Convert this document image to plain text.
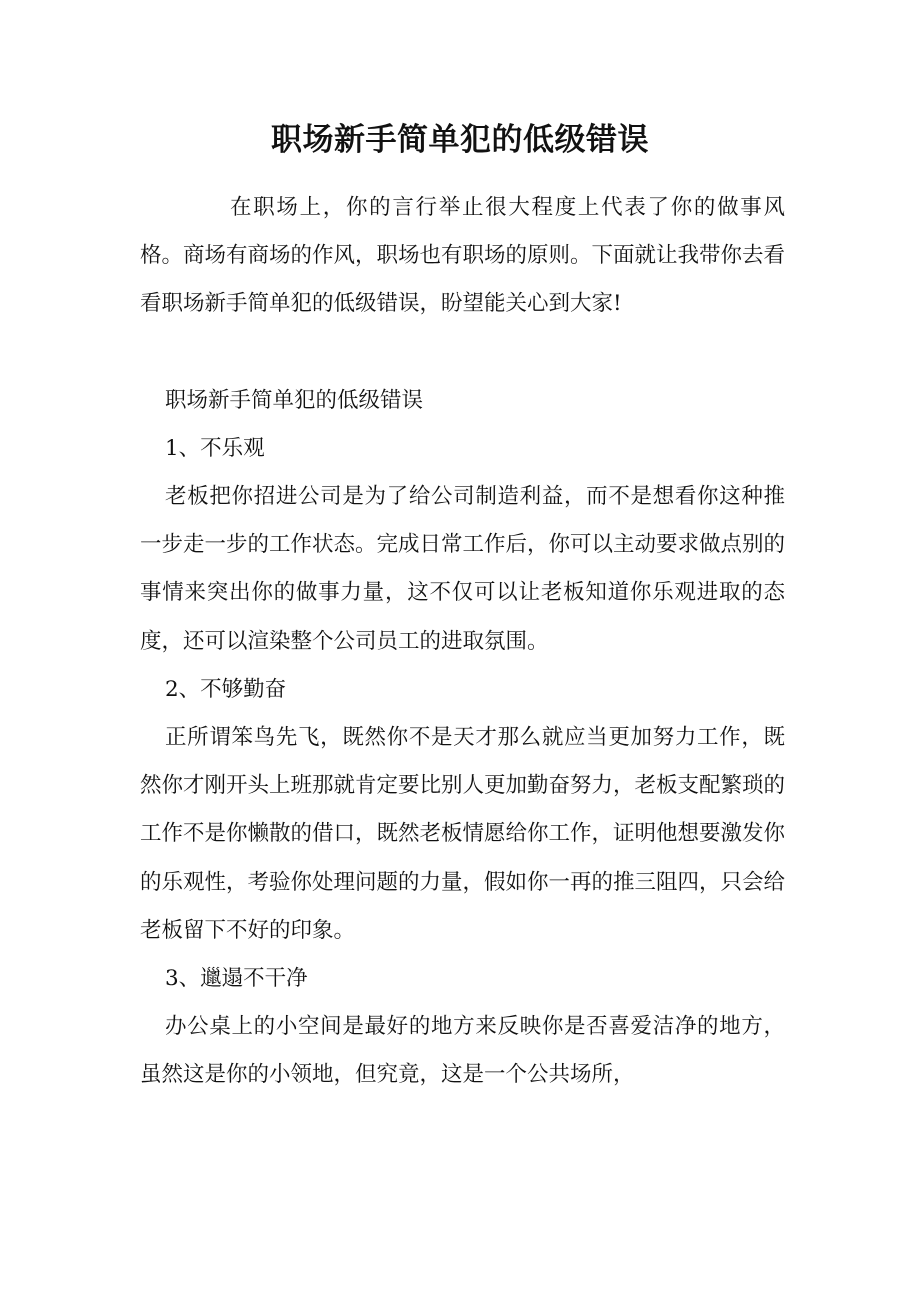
职场新手简单犯的低级错误

在职场上，你的言行举止很大程度上代表了你的做事风格。商场有商场的作风，职场也有职场的原则。下面就让我带你去看看职场新手简单犯的低级错误，盼望能关心到大家!

职场新手简单犯的低级错误

1、不乐观

老板把你招进公司是为了给公司制造利益，而不是想看你这种推一步走一步的工作状态。完成日常工作后，你可以主动要求做点别的事情来突出你的做事力量，这不仅可以让老板知道你乐观进取的态度，还可以渲染整个公司员工的进取氛围。

2、不够勤奋

正所谓笨鸟先飞，既然你不是天才那么就应当更加努力工作，既然你才刚开头上班那就肯定要比别人更加勤奋努力，老板支配繁琐的工作不是你懒散的借口，既然老板情愿给你工作，证明他想要激发你的乐观性，考验你处理问题的力量，假如你一再的推三阻四，只会给老板留下不好的印象。

3、邋遢不干净

办公桌上的小空间是最好的地方来反映你是否喜爱洁净的地方，虽然这是你的小领地，但究竟，这是一个公共场所，
